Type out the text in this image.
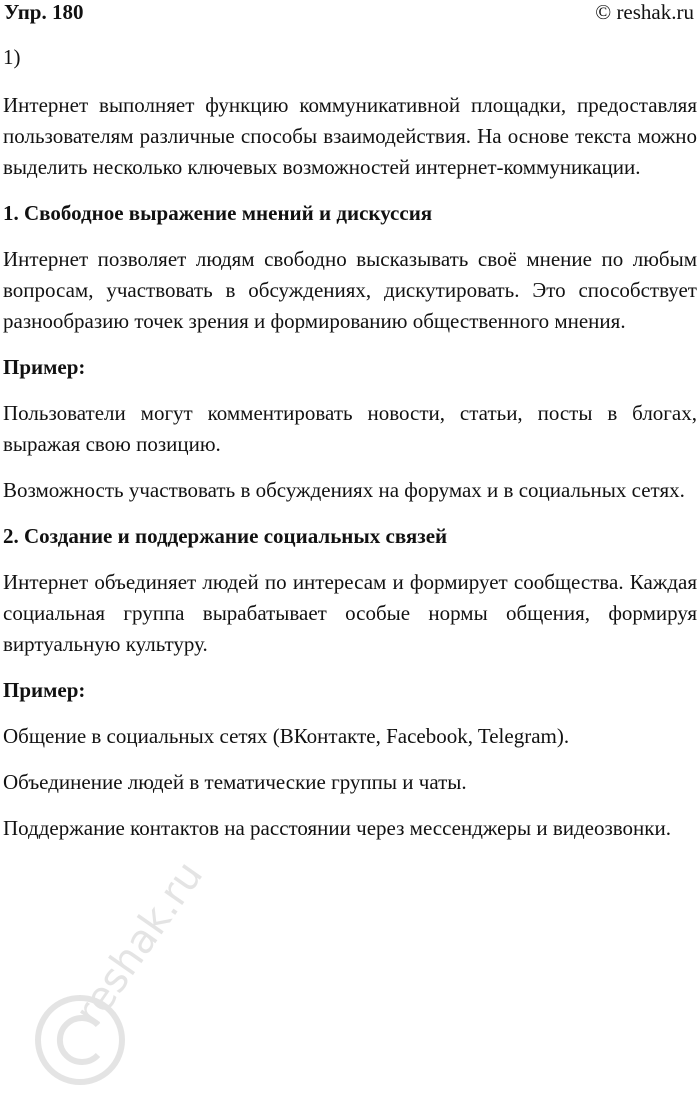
Упр. 180	© reshak.ru

1)

Интернет выполняет функцию коммуникативной площадки, предоставляя пользователям различные способы взаимодействия. На основе текста можно выделить несколько ключевых возможностей интернет-коммуникации.

1. Свободное выражение мнений и дискуссия

Интернет позволяет людям свободно высказывать своё мнение по любым вопросам, участвовать в обсуждениях, дискутировать. Это способствует разнообразию точек зрения и формированию общественного мнения.

Пример:

Пользователи могут комментировать новости, статьи, посты в блогах, выражая свою позицию.

Возможность участвовать в обсуждениях на форумах и в социальных сетях.

2. Создание и поддержание социальных связей

Интернет объединяет людей по интересам и формирует сообщества. Каждая социальная группа вырабатывает особые нормы общения, формируя виртуальную культуру.

Пример:

Общение в социальных сетях (ВКонтакте, Facebook, Telegram).

Объединение людей в тематические группы и чаты.

Поддержание контактов на расстоянии через мессенджеры и видеозвонки.

reshak.ru
